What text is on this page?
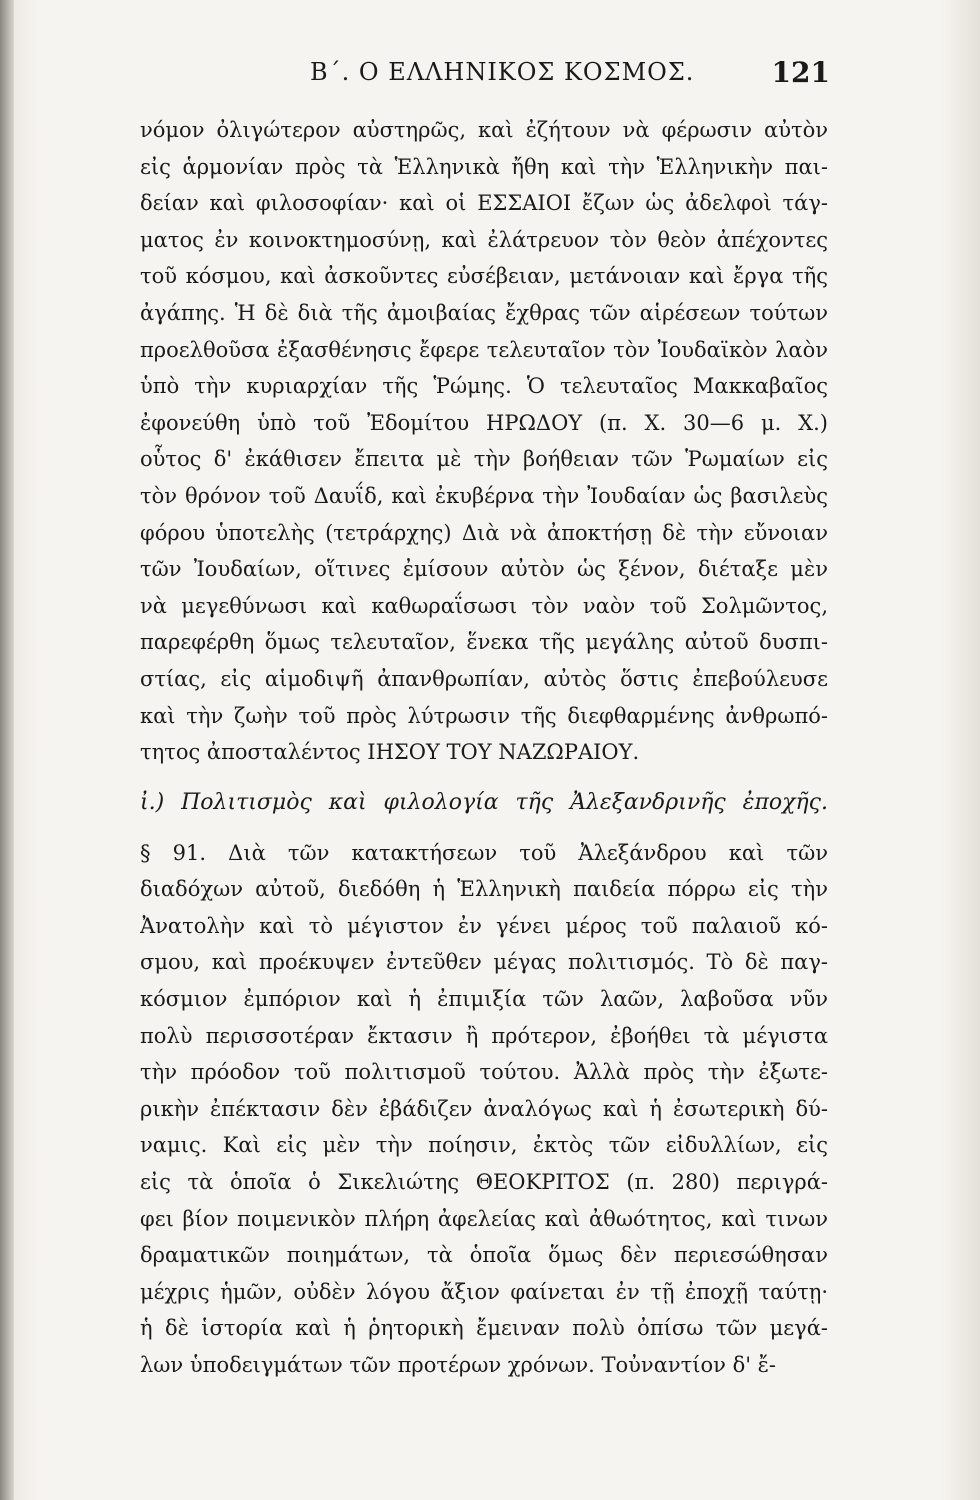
Β΄. Ο ΕΛΛΗΝΙΚΟΣ ΚΟΣΜΟΣ.	121
νόμον ὀλιγώτερον αὐστηρῶς, καὶ ἐζήτουν νὰ φέρωσιν αὐτὸν
εἰς ἁρμονίαν πρὸς τὰ Ἑλληνικὰ ἤθη καὶ τὴν Ἑλληνικὴν παι-
δείαν καὶ φιλοσοφίαν· καὶ οἱ ΕΣΣΑΙΟΙ ἔζων ὡς ἀδελφοὶ τάγ-
ματος ἐν κοινοκτημοσύνῃ, καὶ ἐλάτρευον τὸν θεὸν ἀπέχοντες
τοῦ κόσμου, καὶ ἀσκοῦντες εὐσέβειαν, μετάνοιαν καὶ ἔργα τῆς
ἀγάπης. Ἡ δὲ διὰ τῆς ἀμοιβαίας ἔχθρας τῶν αἱρέσεων τούτων
προελθοῦσα ἐξασθένησις ἔφερε τελευταῖον τὸν Ἰουδαϊκὸν λαὸν
ὑπὸ τὴν κυριαρχίαν τῆς Ῥώμης. Ὁ τελευταῖος Μακκαβαῖος
ἐφονεύθη ὑπὸ τοῦ Ἐδομίτου ΗΡΩΔΟΥ (π. Χ. 30—6 μ. Χ.)
οὗτος δ' ἐκάθισεν ἔπειτα μὲ τὴν βοήθειαν τῶν Ῥωμαίων εἰς
τὸν θρόνον τοῦ Δαυΐδ, καὶ ἐκυβέρνα τὴν Ἰουδαίαν ὡς βασιλεὺς
φόρου ὑποτελὴς (τετράρχης) Διὰ νὰ ἀποκτήσῃ δὲ τὴν εὔνοιαν
τῶν Ἰουδαίων, οἵτινες ἐμίσουν αὐτὸν ὡς ξένον, διέταξε μὲν
νὰ μεγεθύνωσι καὶ καθωραΐσωσι τὸν ναὸν τοῦ Σολμῶντος,
παρεφέρθη ὅμως τελευταῖον, ἕνεκα τῆς μεγάλης αὐτοῦ δυσπι-
στίας, εἰς αἱμοδιψῆ ἀπανθρωπίαν, αὐτὸς ὅστις ἐπεβούλευσε
καὶ τὴν ζωὴν τοῦ πρὸς λύτρωσιν τῆς διεφθαρμένης ἀνθρωπό-
τητος ἀποσταλέντος ΙΗΣΟΥ ΤΟΥ ΝΑΖΩΡΑΙΟΥ.
ἰ.) Πολιτισμὸς καὶ φιλολογία τῆς Ἀλεξανδρινῆς ἐποχῆς.
§ 91. Διὰ τῶν κατακτήσεων τοῦ Ἀλεξάνδρου καὶ τῶν
διαδόχων αὐτοῦ, διεδόθη ἡ Ἑλληνικὴ παιδεία πόρρω εἰς τὴν
Ἀνατολὴν καὶ τὸ μέγιστον ἐν γένει μέρος τοῦ παλαιοῦ κό-
σμου, καὶ προέκυψεν ἐντεῦθεν μέγας πολιτισμός. Τὸ δὲ παγ-
κόσμιον ἐμπόριον καὶ ἡ ἐπιμιξία τῶν λαῶν, λαβοῦσα νῦν
πολὺ περισσοτέραν ἔκτασιν ἢ πρότερον, ἐβοήθει τὰ μέγιστα
τὴν πρόοδον τοῦ πολιτισμοῦ τούτου. Ἀλλὰ πρὸς τὴν ἐξωτε-
ρικὴν ἐπέκτασιν δὲν ἐβάδιζεν ἀναλόγως καὶ ἡ ἐσωτερικὴ δύ-
ναμις. Καὶ εἰς μὲν τὴν ποίησιν, ἐκτὸς τῶν εἰδυλλίων, εἰς
εἰς τὰ ὁποῖα ὁ Σικελιώτης ΘΕΟΚΡΙΤΟΣ (π. 280) περιγρά-
φει βίον ποιμενικὸν πλήρη ἀφελείας καὶ ἀθωότητος, καὶ τινων
δραματικῶν ποιημάτων, τὰ ὁποῖα ὅμως δὲν περιεσώθησαν
μέχρις ἡμῶν, οὐδὲν λόγου ἄξιον φαίνεται ἐν τῇ ἐποχῇ ταύτῃ·
ἡ δὲ ἱστορία καὶ ἡ ῥητορικὴ ἔμειναν πολὺ ὀπίσω τῶν μεγά-
λων ὑποδειγμάτων τῶν προτέρων χρόνων. Τοὐναντίον δ' ἔ-
